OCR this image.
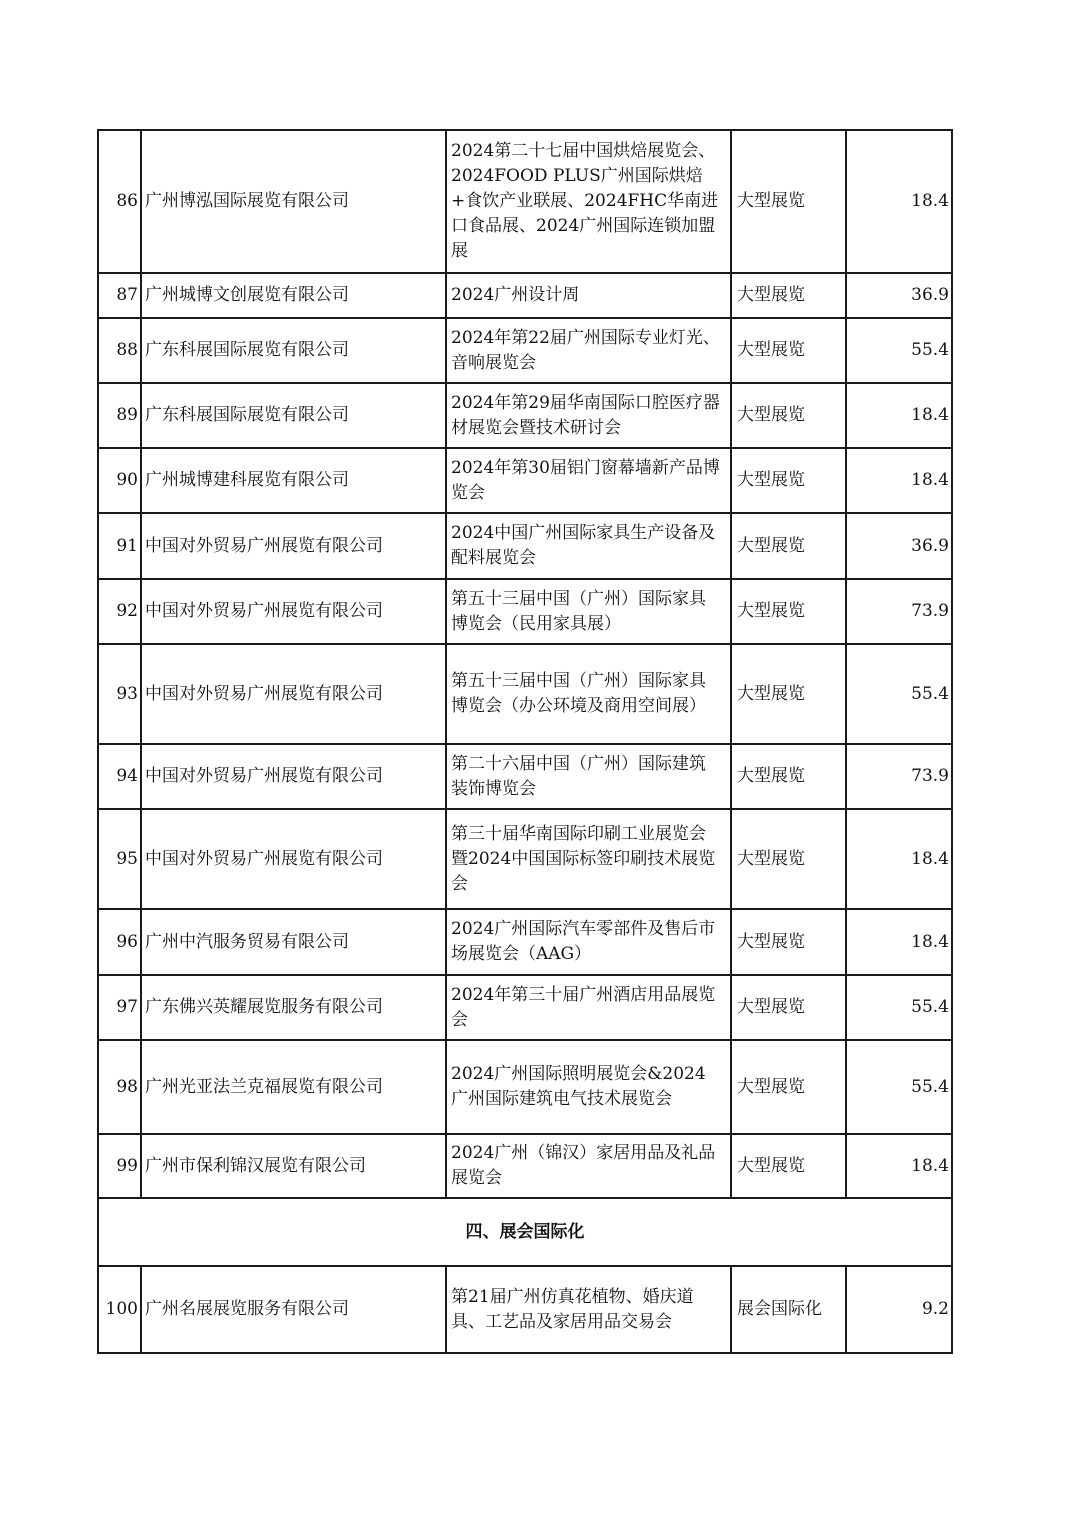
86	广州博泓国际展览有限公司	2024第二十七届中国烘焙展览会、2024FOOD PLUS广州国际烘焙+食饮产业联展、2024FHC华南进口食品展、2024广州国际连锁加盟展	大型展览	18.4
87	广州城博文创展览有限公司	2024广州设计周	大型展览	36.9
88	广东科展国际展览有限公司	2024年第22届广州国际专业灯光、音响展览会	大型展览	55.4
89	广东科展国际展览有限公司	2024年第29届华南国际口腔医疗器材展览会暨技术研讨会	大型展览	18.4
90	广州城博建科展览有限公司	2024年第30届铝门窗幕墙新产品博览会	大型展览	18.4
91	中国对外贸易广州展览有限公司	2024中国广州国际家具生产设备及配料展览会	大型展览	36.9
92	中国对外贸易广州展览有限公司	第五十三届中国（广州）国际家具博览会（民用家具展）	大型展览	73.9
93	中国对外贸易广州展览有限公司	第五十三届中国（广州）国际家具博览会（办公环境及商用空间展）	大型展览	55.4
94	中国对外贸易广州展览有限公司	第二十六届中国（广州）国际建筑装饰博览会	大型展览	73.9
95	中国对外贸易广州展览有限公司	第三十届华南国际印刷工业展览会暨2024中国国际标签印刷技术展览会	大型展览	18.4
96	广州中汽服务贸易有限公司	2024广州国际汽车零部件及售后市场展览会（AAG）	大型展览	18.4
97	广东佛兴英耀展览服务有限公司	2024年第三十届广州酒店用品展览会	大型展览	55.4
98	广州光亚法兰克福展览有限公司	2024广州国际照明展览会&2024广州国际建筑电气技术展览会	大型展览	55.4
99	广州市保利锦汉展览有限公司	2024广州（锦汉）家居用品及礼品展览会	大型展览	18.4
四、展会国际化				
100	广州名展展览服务有限公司	第21届广州仿真花植物、婚庆道具、工艺品及家居用品交易会	展会国际化	9.2
